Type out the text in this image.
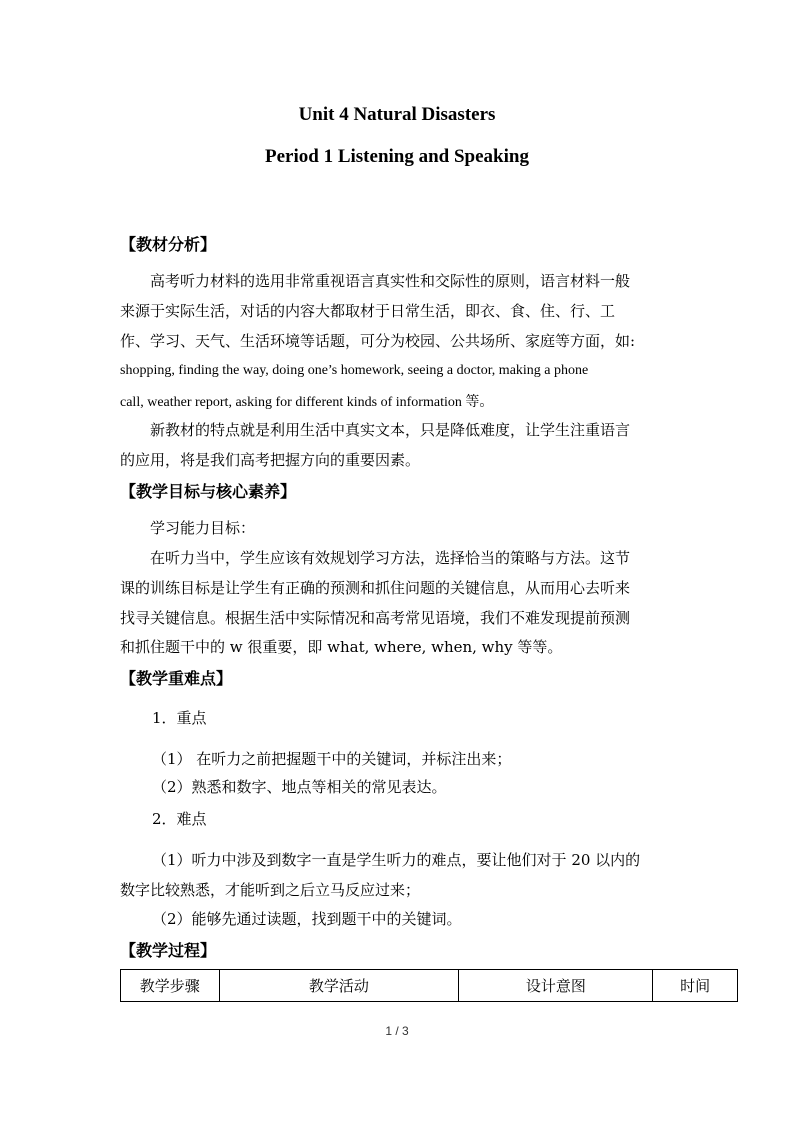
Unit 4 Natural Disasters
Period 1 Listening and Speaking
【教材分析】
高考听力材料的选用非常重视语言真实性和交际性的原则，语言材料一般
来源于实际生活，对话的内容大都取材于日常生活，即衣、食、住、行、工
作、学习、天气、生活环境等话题，可分为校园、公共场所、家庭等方面，如:
shopping, finding the way, doing one’s homework, seeing a doctor, making a phone
call, weather report, asking for different kinds of information 等。
新教材的特点就是利用生活中真实文本，只是降低难度，让学生注重语言
的应用，将是我们高考把握方向的重要因素。
【教学目标与核心素养】
学习能力目标：
在听力当中，学生应该有效规划学习方法，选择恰当的策略与方法。这节
课的训练目标是让学生有正确的预测和抓住问题的关键信息，从而用心去听来
找寻关键信息。根据生活中实际情况和高考常见语境，我们不难发现提前预测
和抓住题干中的 w 很重要，即 what, where, when, why 等等。
【教学重难点】
1．重点
（1） 在听力之前把握题干中的关键词，并标注出来；
（2）熟悉和数字、地点等相关的常见表达。
2．难点
（1）听力中涉及到数字一直是学生听力的难点，要让他们对于 20 以内的
数字比较熟悉，才能听到之后立马反应过来；
（2）能够先通过读题，找到题干中的关键词。
【教学过程】
教学步骤	教学活动	设计意图	时间
1 / 3
